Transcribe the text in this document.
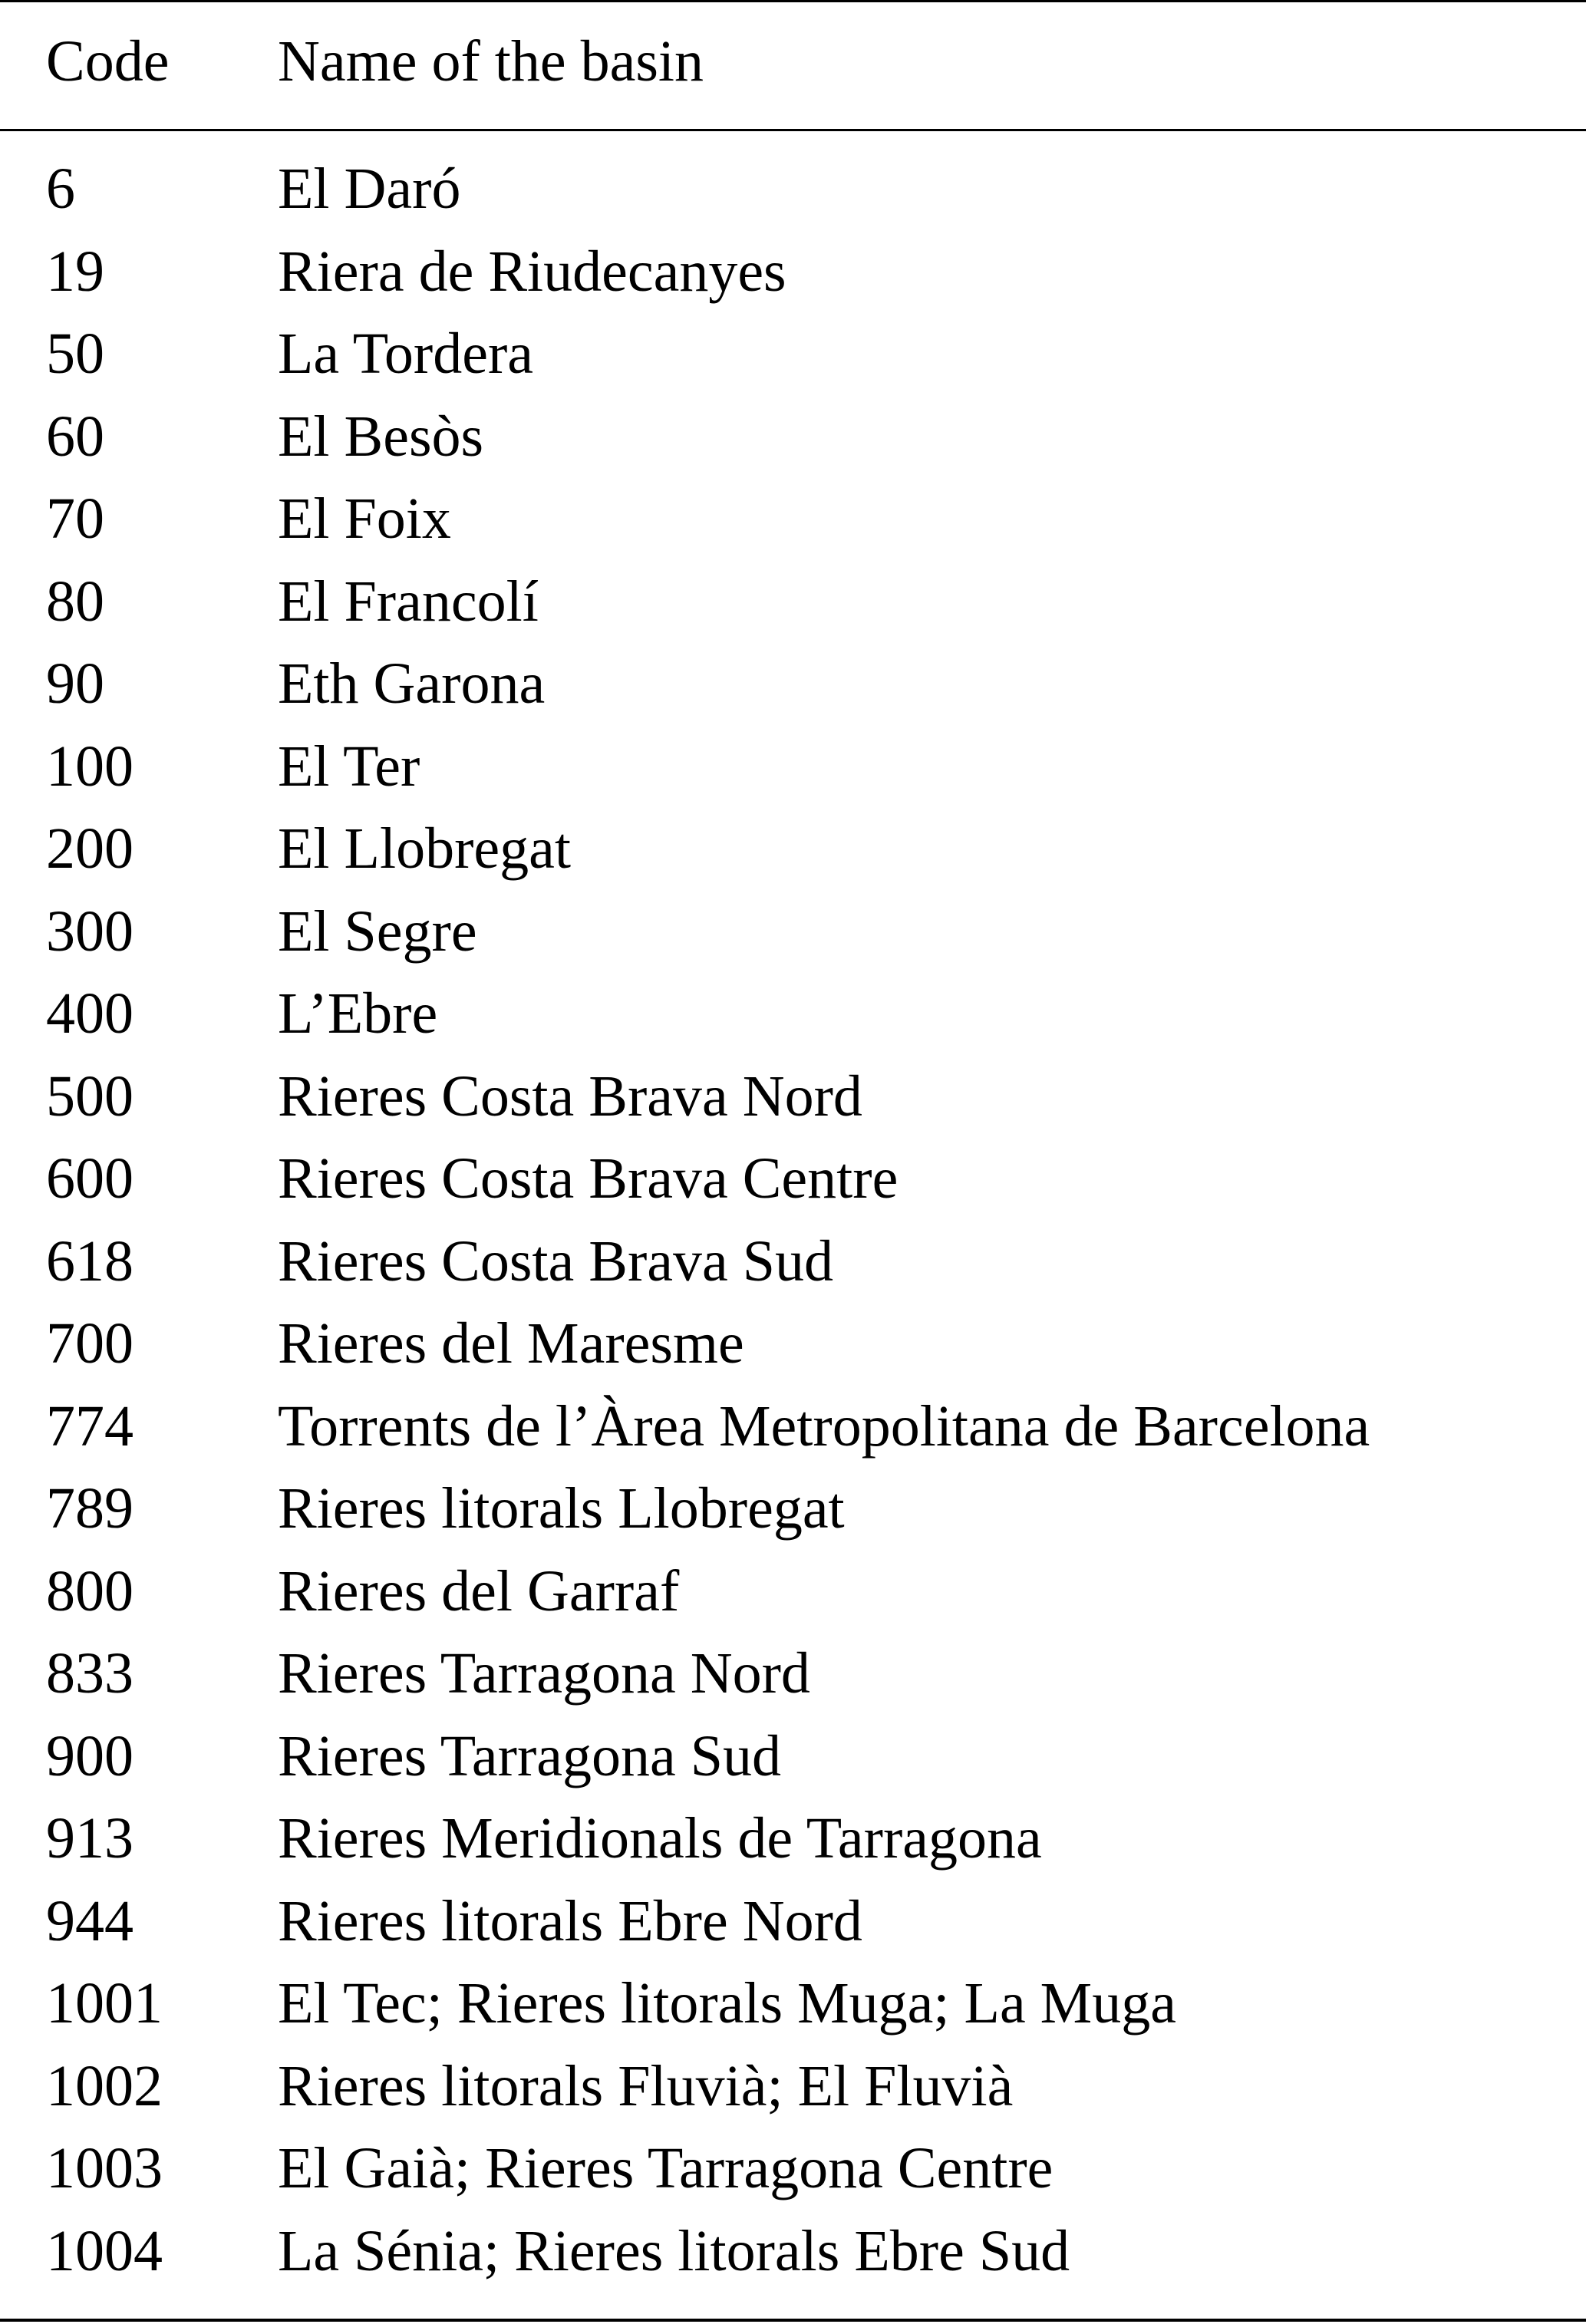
Code Name of the basin
6	El Daró
19	Riera de Riudecanyes
50	La Tordera
60	El Besòs
70	El Foix
80	El Francolí
90	Eth Garona
100 El Ter
200 El Llobregat
300 El Segre
400 L’Ebre
500 Rieres Costa Brava Nord
600 Rieres Costa Brava Centre
618 Rieres Costa Brava Sud
700 Rieres del Maresme
774 Torrents de l’Àrea Metropolitana de Barcelona
789 Rieres litorals Llobregat
800 Rieres del Garraf
833 Rieres Tarragona Nord
900 Rieres Tarragona Sud
913 Rieres Meridionals de Tarragona
944 Rieres litorals Ebre Nord
1001 El Tec; Rieres litorals Muga; La Muga
1002 Rieres litorals Fluvià; El Fluvià
1003 El Gaià; Rieres Tarragona Centre
1004 La Sénia; Rieres litorals Ebre Sud
